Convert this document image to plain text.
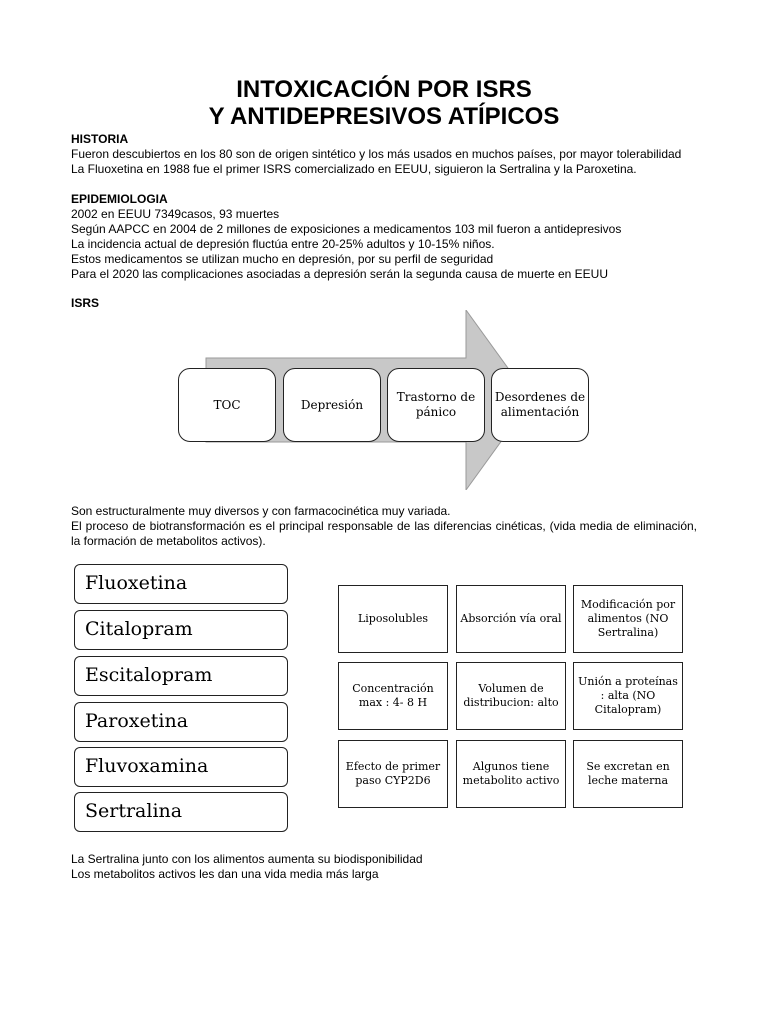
INTOXICACIÓN POR ISRS
Y ANTIDEPRESIVOS ATÍPICOS
HISTORIA
Fueron descubiertos en los 80 son de origen sintético y los más usados en muchos países, por mayor tolerabilidad
La Fluoxetina en 1988 fue el primer ISRS comercializado en EEUU, siguieron la Sertralina y la Paroxetina.
EPIDEMIOLOGIA
2002 en EEUU 7349casos, 93 muertes
Según AAPCC en 2004 de 2 millones de exposiciones a medicamentos 103 mil fueron a antidepresivos
La incidencia actual de depresión fluctúa entre 20-25% adultos y 10-15% niños.
Estos medicamentos se utilizan mucho en depresión, por su perfil de seguridad
Para el 2020 las complicaciones asociadas a depresión serán la segunda causa de muerte en EEUU
ISRS
TOC	Depresión
Trastorno de pánico
Desordenes de alimentación
Son estructuralmente muy diversos y con farmacocinética muy variada.
El proceso de biotransformación es el principal responsable de las diferencias cinéticas, (vida media de eliminación, la formación de metabolitos activos).
Fluoxetina
Citalopram
Escitalopram
Paroxetina
Fluvoxamina
Sertralina
Liposolubles	Absorción vía oral
Modificación por alimentos (NO Sertralina)
Concentración max : 4- 8 H
Volumen de distribucion: alto
Unión a proteínas : alta (NO Citalopram)
Efecto de primer paso CYP2D6
Algunos tiene metabolito activo
Se excretan en leche materna
La Sertralina junto con los alimentos aumenta su biodisponibilidad
Los metabolitos activos les dan una vida media más larga
